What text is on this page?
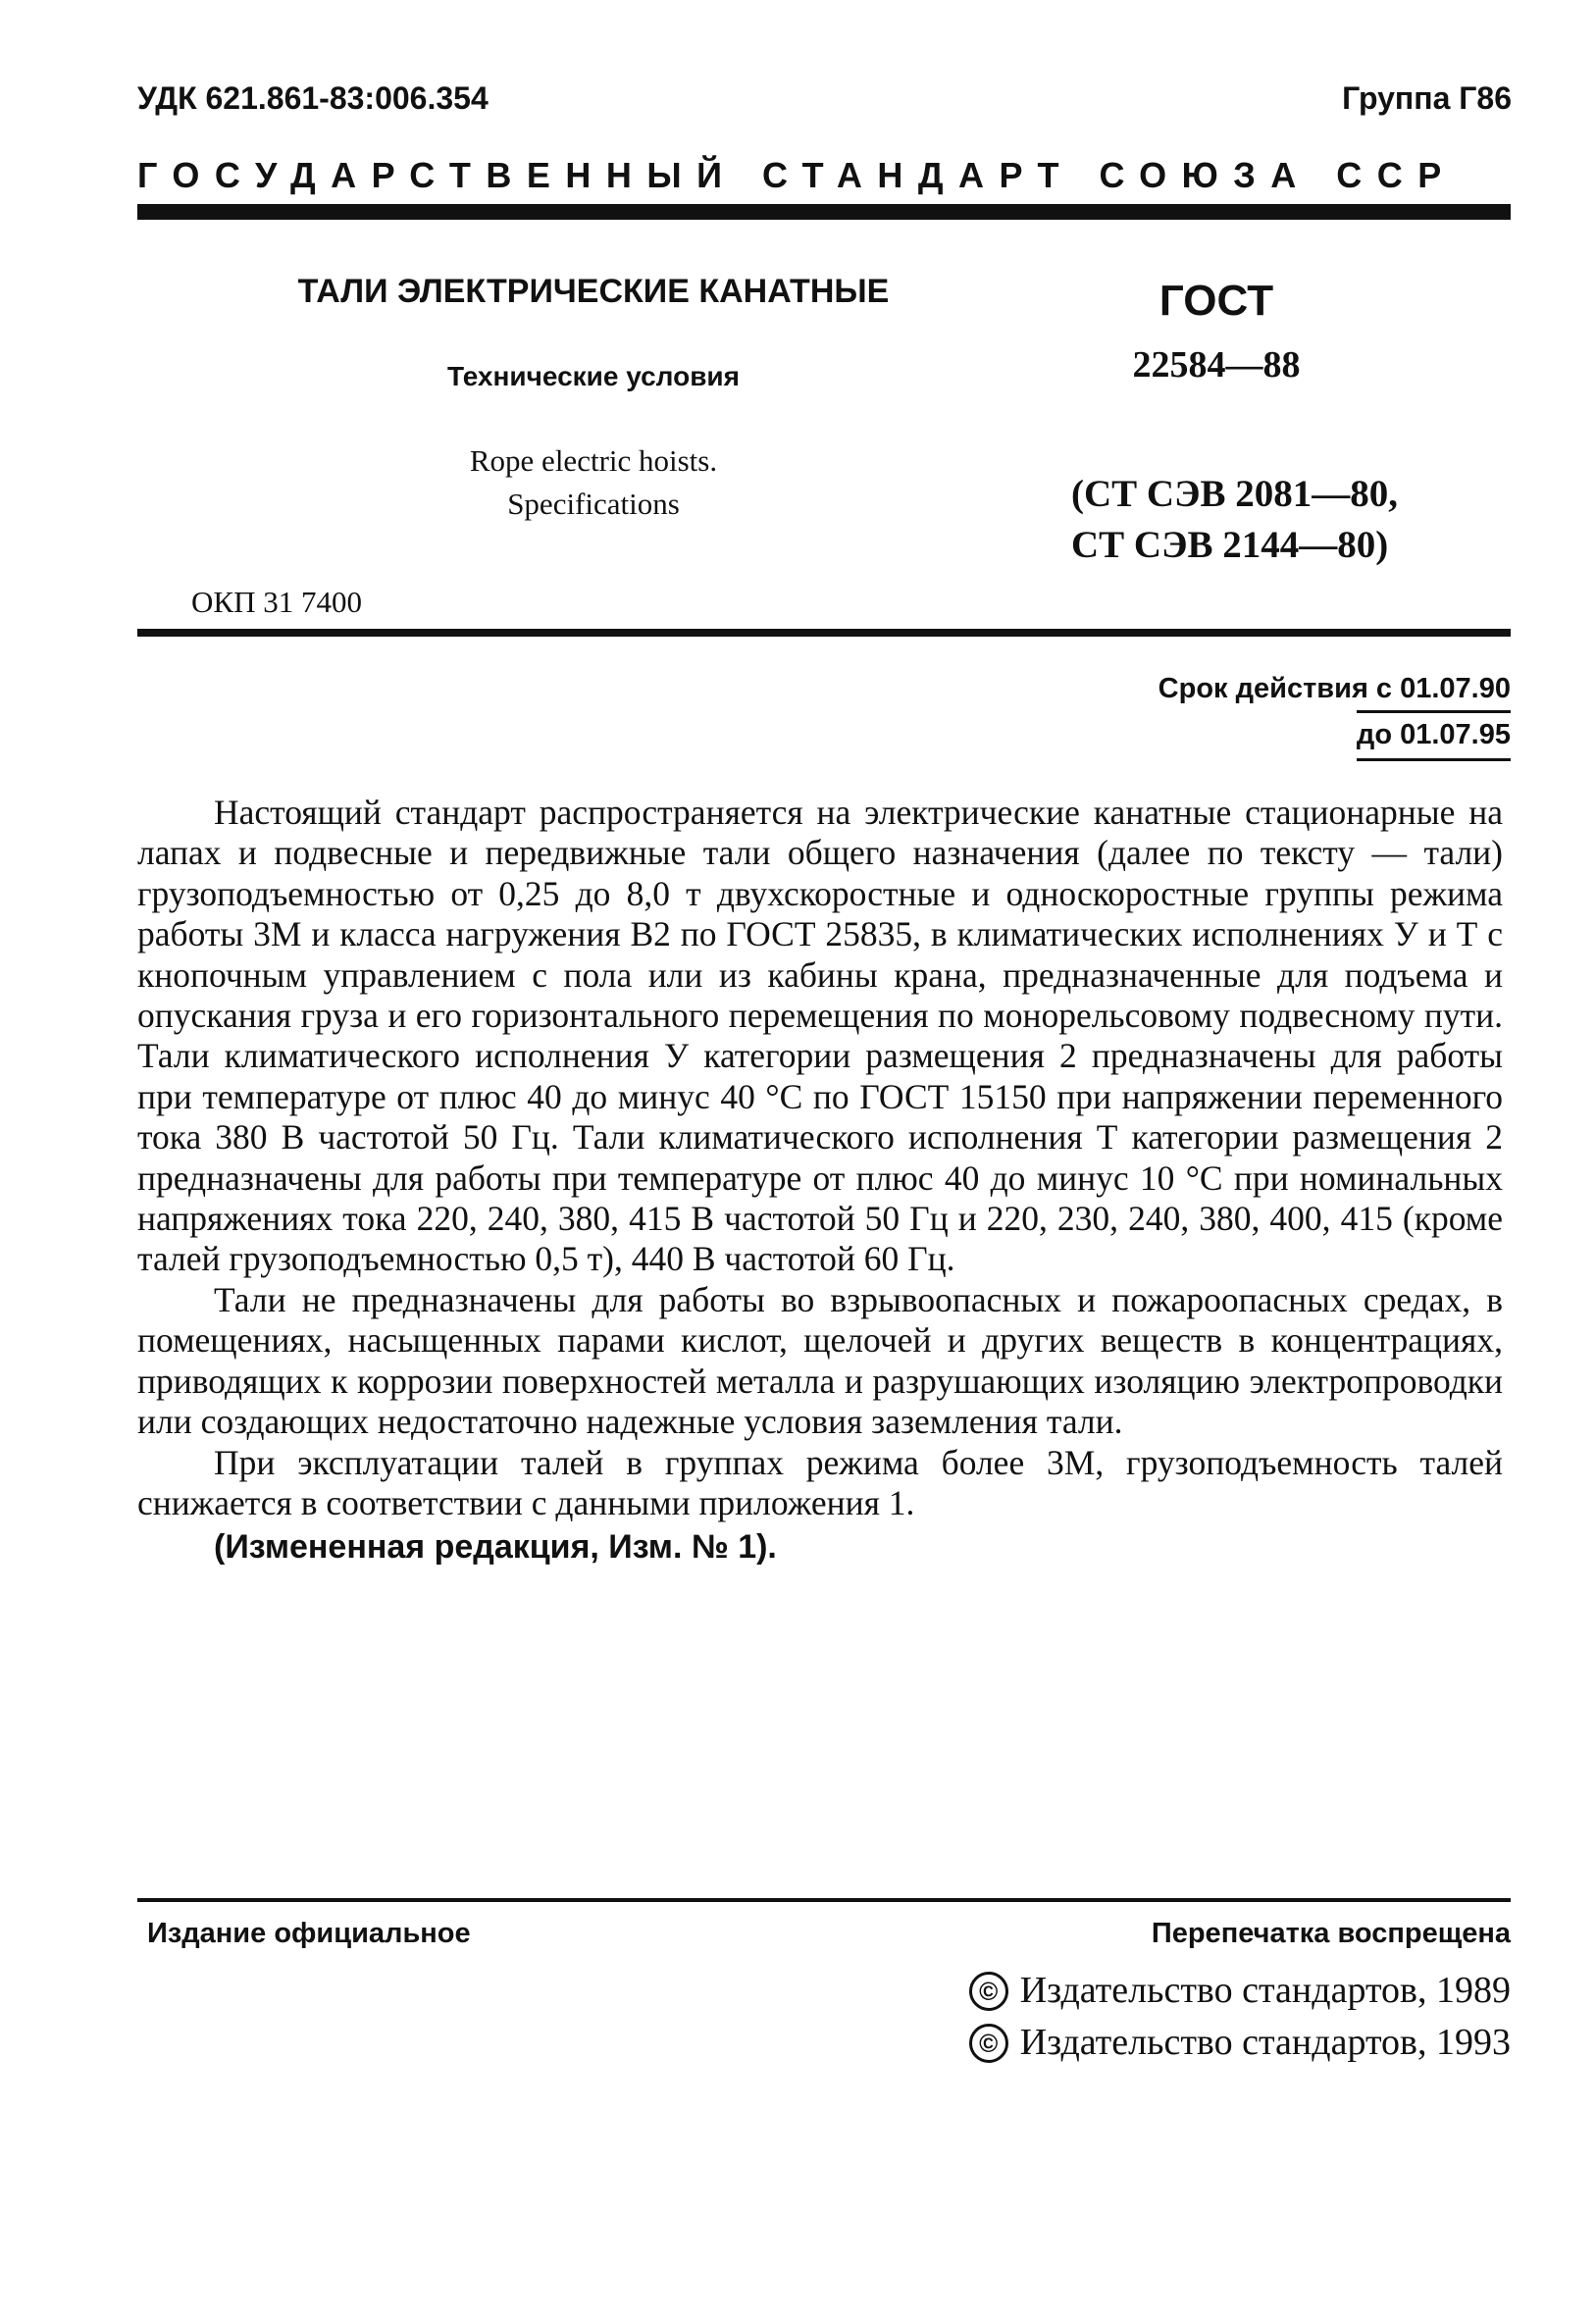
УДК 621.861-83:006.354	Группа Г86
ГОСУДАРСТВЕННЫЙ СТАНДАРТ СОЮЗА ССР
ТАЛИ ЭЛЕКТРИЧЕСКИЕ КАНАТНЫЕ
Технические условия
Rope electric hoists.
Specifications
ГОСТ
22584—88
(СТ СЭВ 2081—80,
СТ СЭВ 2144—80)
ОКП 31 7400
Срок действия с 01.07.90
до 01.07.95

Настоящий стандарт распространяется на электрические канатные стационарные на лапах и подвесные и передвижные тали общего назначения (далее по тексту — тали) грузоподъемностью от 0,25 до 8,0 т двухскоростные и односкоростные группы режима работы 3М и класса нагружения В2 по ГОСТ 25835, в климатических исполнениях У и Т с кнопочным управлением с пола или из кабины крана, предназначенные для подъема и опускания груза и его горизонтального перемещения по монорельсовому подвесному пути. Тали климатического исполнения У категории размещения 2 предназначены для работы при температуре от плюс 40 до минус 40 °С по ГОСТ 15150 при напряжении переменного тока 380 В частотой 50 Гц. Тали климатического исполнения Т категории размещения 2 предназначены для работы при температуре от плюс 40 до минус 10 °С при номинальных напряжениях тока 220, 240, 380, 415 В частотой 50 Гц и 220, 230, 240, 380, 400, 415 (кроме талей грузоподъемностью 0,5 т), 440 В частотой 60 Гц.

Тали не предназначены для работы во взрывоопасных и пожароопасных средах, в помещениях, насыщенных парами кислот, щелочей и других веществ в концентрациях, приводящих к коррозии поверхностей металла и разрушающих изоляцию электропроводки или создающих недостаточно надежные условия заземления тали.

При эксплуатации талей в группах режима более 3М, грузоподъемность талей снижается в соответствии с данными приложения 1.

(Измененная редакция, Изм. № 1).

Издание официальное	Перепечатка воспрещена
© Издательство стандартов, 1989
© Издательство стандартов, 1993
